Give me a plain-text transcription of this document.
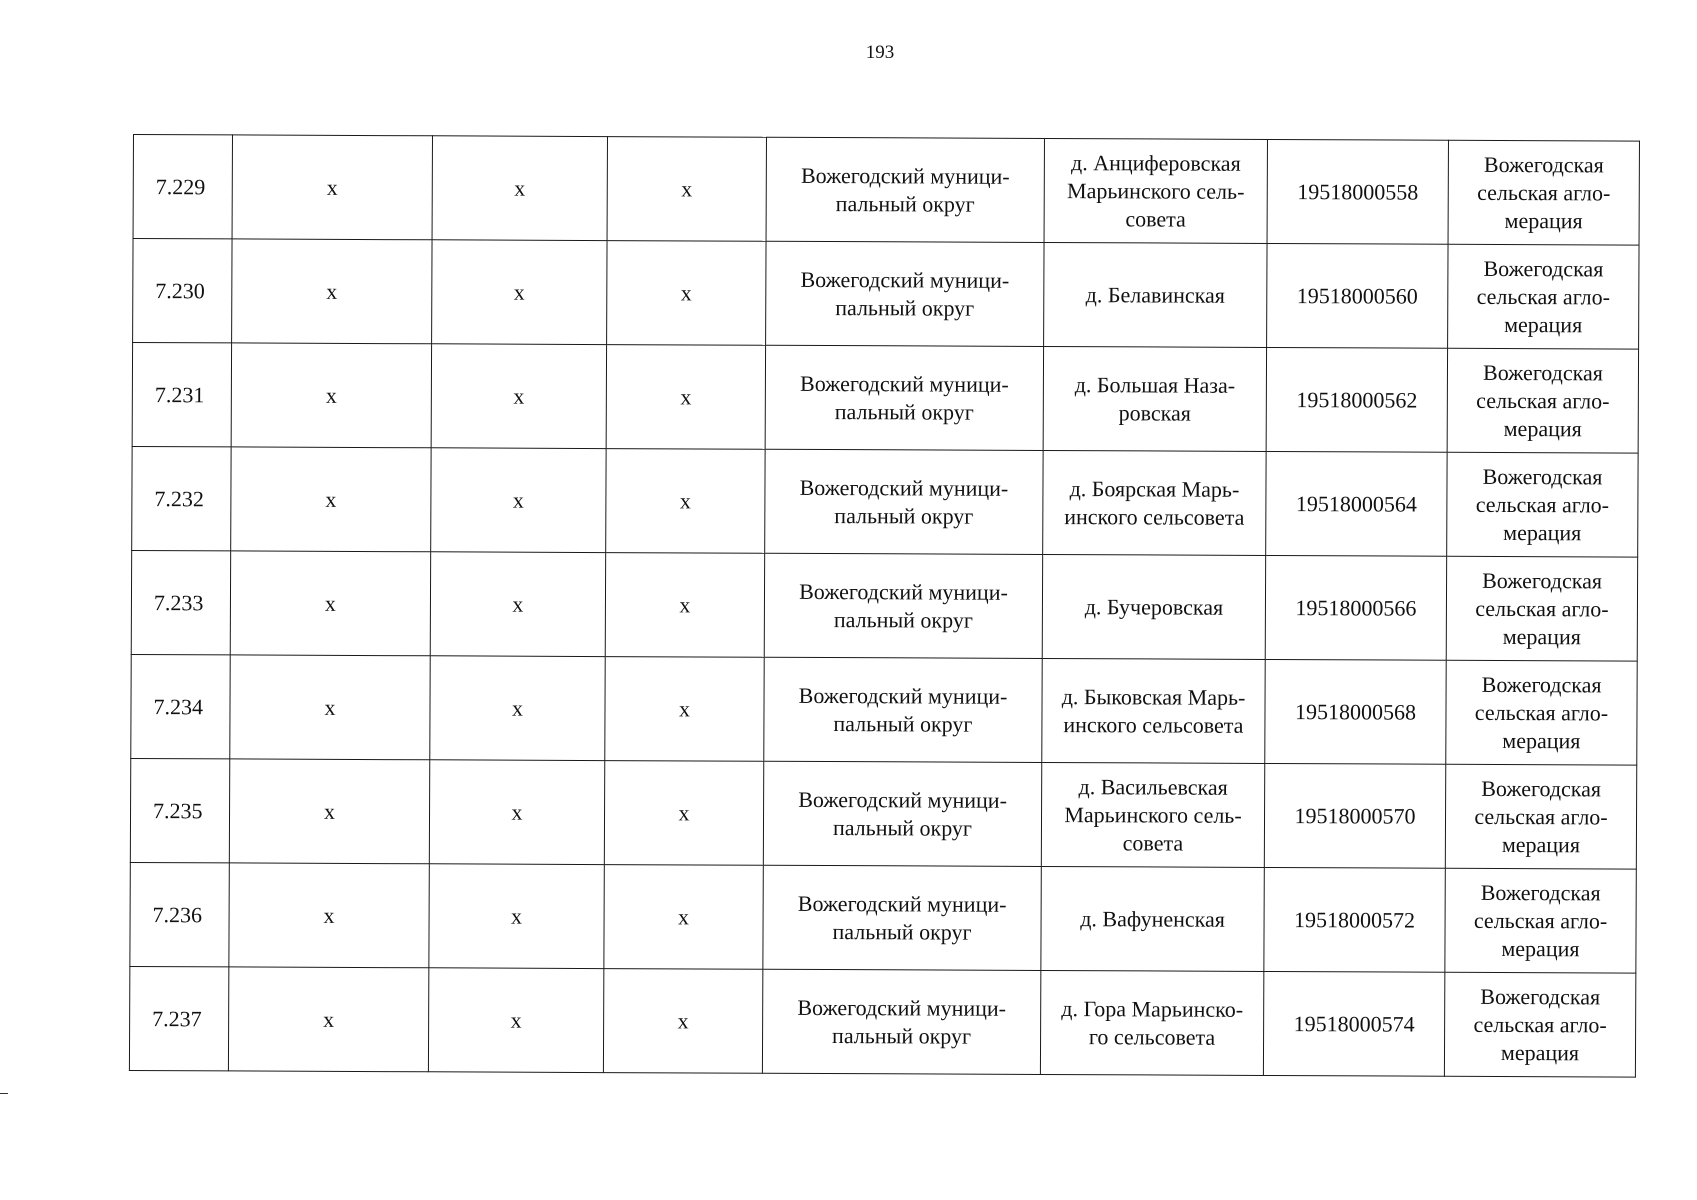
193
7.229	х	х	х	Вожегодский муници-
пальный округ	д. Анциферовская
Марьинского сель-
совета	19518000558	Вожегодская
сельская агло-
мерация
7.230	х	х	х	Вожегодский муници-
пальный округ	д. Белавинская	19518000560	Вожегодская
сельская агло-
мерация
7.231	х	х	х	Вожегодский муници-
пальный округ	д. Большая Наза-
ровская	19518000562	Вожегодская
сельская агло-
мерация
7.232	х	х	х	Вожегодский муници-
пальный округ	д. Боярская Марь-
инского сельсовета	19518000564	Вожегодская
сельская агло-
мерация
7.233	х	х	х	Вожегодский муници-
пальный округ	д. Бучеровская	19518000566	Вожегодская
сельская агло-
мерация
7.234	х	х	х	Вожегодский муници-
пальный округ	д. Быковская Марь-
инского сельсовета	19518000568	Вожегодская
сельская агло-
мерация
7.235	х	х	х	Вожегодский муници-
пальный округ	д. Васильевская
Марьинского сель-
совета	19518000570	Вожегодская
сельская агло-
мерация
7.236	х	х	х	Вожегодский муници-
пальный округ	д. Вафуненская	19518000572	Вожегодская
сельская агло-
мерация
7.237	х	х	х	Вожегодский муници-
пальный округ	д. Гора Марьинско-
го сельсовета	19518000574	Вожегодская
сельская агло-
мерация
